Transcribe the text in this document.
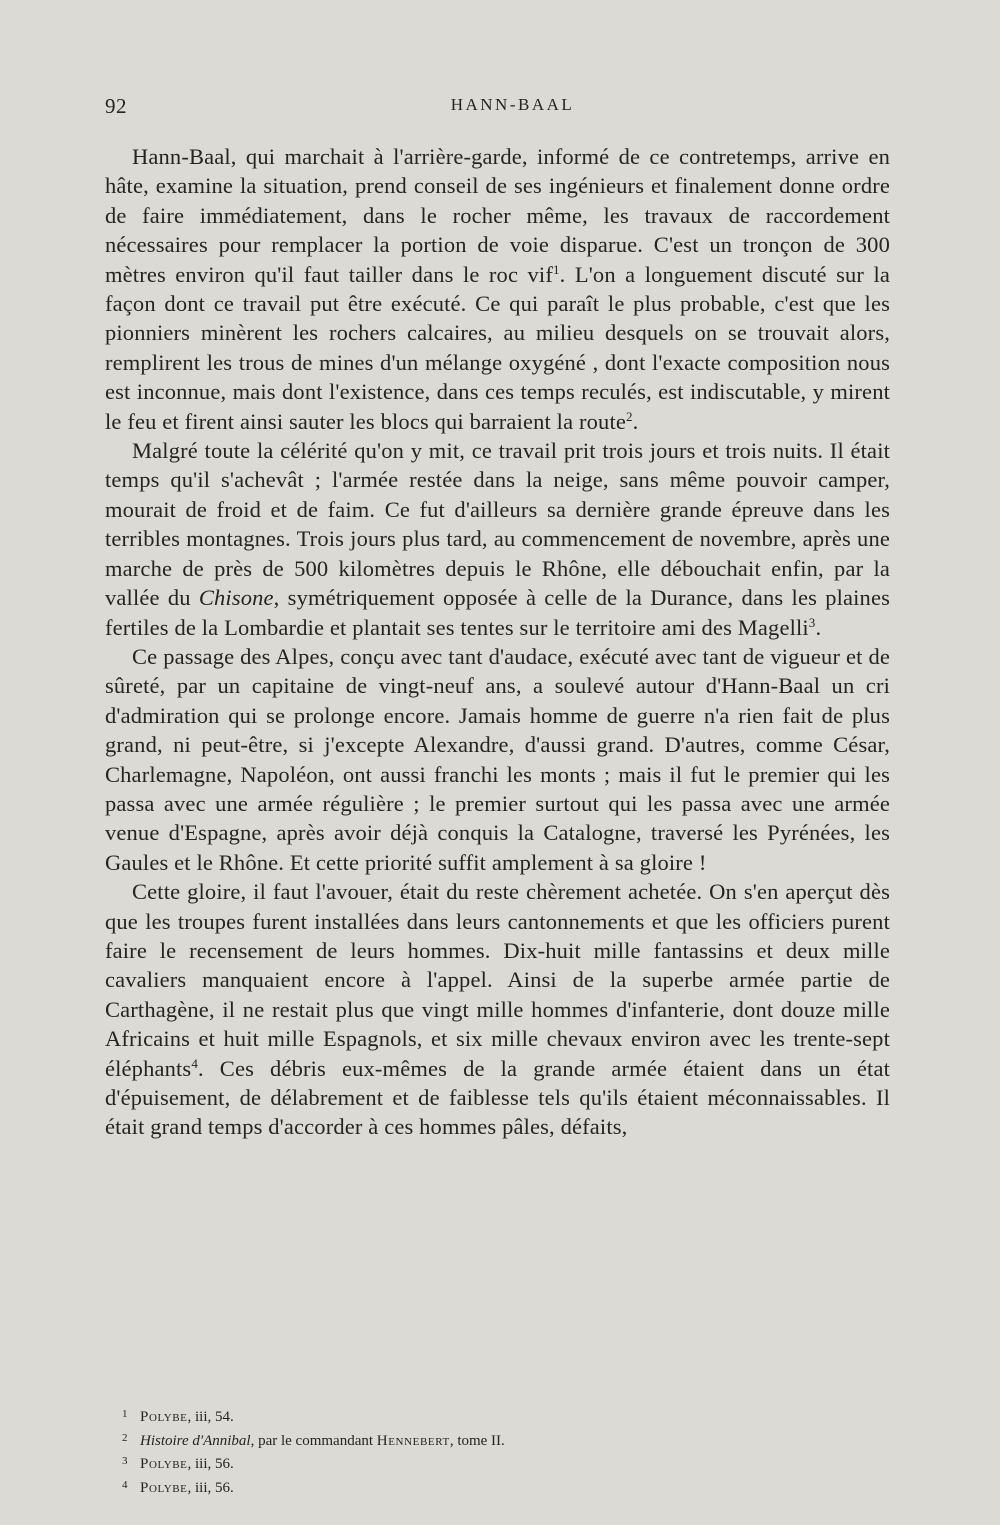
92	HANN-BAAL

Hann-Baal, qui marchait à l'arrière-garde, informé de ce contretemps, arrive en hâte, examine la situation, prend conseil de ses ingénieurs et finalement donne ordre de faire immédiatement, dans le rocher même, les travaux de raccordement nécessaires pour remplacer la portion de voie disparue. C'est un tronçon de 300 mètres environ qu'il faut tailler dans le roc vif$^1$. L'on a longuement discuté sur la façon dont ce travail put être exécuté. Ce qui paraît le plus probable, c'est que les pionniers minèrent les rochers calcaires, au milieu desquels on se trouvait alors, remplirent les trous de mines d'un mélange oxygéné , dont l'exacte composition nous est inconnue, mais dont l'existence, dans ces temps reculés, est indiscutable, y mirent le feu et firent ainsi sauter les blocs qui barraient la route$^2$.

Malgré toute la célérité qu'on y mit, ce travail prit trois jours et trois nuits. Il était temps qu'il s'achevât ; l'armée restée dans la neige, sans même pouvoir camper, mourait de froid et de faim. Ce fut d'ailleurs sa dernière grande épreuve dans les terribles montagnes. Trois jours plus tard, au commencement de novembre, après une marche de près de 500 kilomètres depuis le Rhône, elle débouchait enfin, par la vallée du Chisone, symétriquement opposée à celle de la Durance, dans les plaines fertiles de la Lombardie et plantait ses tentes sur le territoire ami des Magelli$^3$.

Ce passage des Alpes, conçu avec tant d'audace, exécuté avec tant de vigueur et de sûreté, par un capitaine de vingt-neuf ans, a soulevé autour d'Hann-Baal un cri d'admiration qui se prolonge encore. Jamais homme de guerre n'a rien fait de plus grand, ni peut-être, si j'excepte Alexandre, d'aussi grand. D'autres, comme César, Charlemagne, Napoléon, ont aussi franchi les monts ; mais il fut le premier qui les passa avec une armée régulière ; le premier surtout qui les passa avec une armée venue d'Espagne, après avoir déjà conquis la Catalogne, traversé les Pyrénées, les Gaules et le Rhône. Et cette priorité suffit amplement à sa gloire !

Cette gloire, il faut l'avouer, était du reste chèrement achetée. On s'en aperçut dès que les troupes furent installées dans leurs cantonnements et que les officiers purent faire le recensement de leurs hommes. Dix-huit mille fantassins et deux mille cavaliers manquaient encore à l'appel. Ainsi de la superbe armée partie de Carthagène, il ne restait plus que vingt mille hommes d'infanterie, dont douze mille Africains et huit mille Espagnols, et six mille chevaux environ avec les trente-sept éléphants$^4$. Ces débris eux-mêmes de la grande armée étaient dans un état d'épuisement, de délabrement et de faiblesse tels qu'ils étaient méconnaissables. Il était grand temps d'accorder à ces hommes pâles, défaits,

1 Polybe, iii, 54.
2 Histoire d'Annibal, par le commandant Hennebert, tome II.
3 Polybe, iii, 56.
4 Polybe, iii, 56.
